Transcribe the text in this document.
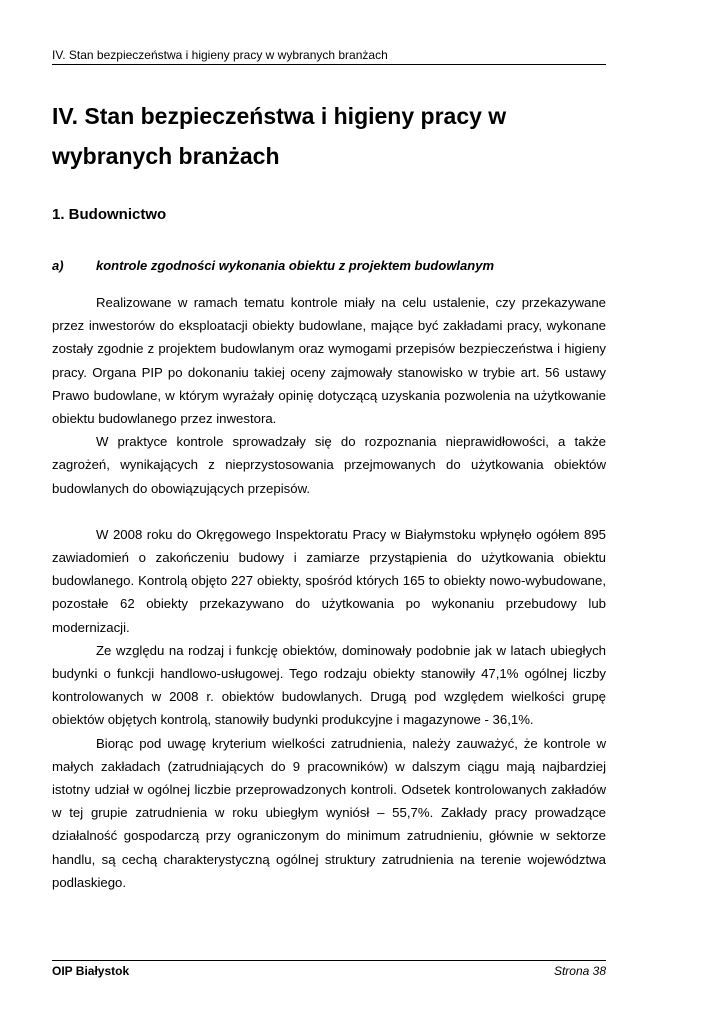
IV. Stan bezpieczeństwa i higieny pracy w wybranych branżach
IV. Stan bezpieczeństwa i higieny pracy w wybranych branżach
1. Budownictwo
a) kontrole zgodności wykonania obiektu z projektem budowlanym

Realizowane w ramach tematu kontrole miały na celu ustalenie, czy przekazywane przez inwestorów do eksploatacji obiekty budowlane, mające być zakładami pracy, wykonane zostały zgodnie z projektem budowlanym oraz wymogami przepisów bezpieczeństwa i higieny pracy. Organa PIP po dokonaniu takiej oceny zajmowały stanowisko w trybie art. 56 ustawy Prawo budowlane, w którym wyrażały opinię dotyczącą uzyskania pozwolenia na użytkowanie obiektu budowlanego przez inwestora.

W praktyce kontrole sprowadzały się do rozpoznania nieprawidłowości, a także zagrożeń, wynikających z nieprzystosowania przejmowanych do użytkowania obiektów budowlanych do obowiązujących przepisów.

W 2008 roku do Okręgowego Inspektoratu Pracy w Białymstoku wpłynęło ogółem 895 zawiadomień o zakończeniu budowy i zamiarze przystąpienia do użytkowania obiektu budowlanego. Kontrolą objęto 227 obiekty, spośród których 165 to obiekty nowo-wybudowane, pozostałe 62 obiekty przekazywano do użytkowania po wykonaniu przebudowy lub modernizacji.

Ze względu na rodzaj i funkcję obiektów, dominowały podobnie jak w latach ubiegłych budynki o funkcji handlowo-usługowej. Tego rodzaju obiekty stanowiły 47,1% ogólnej liczby kontrolowanych w 2008 r. obiektów budowlanych. Drugą pod względem wielkości grupę obiektów objętych kontrolą, stanowiły budynki produkcyjne i magazynowe - 36,1%.

Biorąc pod uwagę kryterium wielkości zatrudnienia, należy zauważyć, że kontrole w małych zakładach (zatrudniających do 9 pracowników) w dalszym ciągu mają najbardziej istotny udział w ogólnej liczbie przeprowadzonych kontroli. Odsetek kontrolowanych zakładów w tej grupie zatrudnienia w roku ubiegłym wyniósł – 55,7%. Zakłady pracy prowadzące działalność gospodarczą przy ograniczonym do minimum zatrudnieniu, głównie w sektorze handlu, są cechą charakterystyczną ogólnej struktury zatrudnienia na terenie województwa podlaskiego.

OIP Białystok	Strona 38
